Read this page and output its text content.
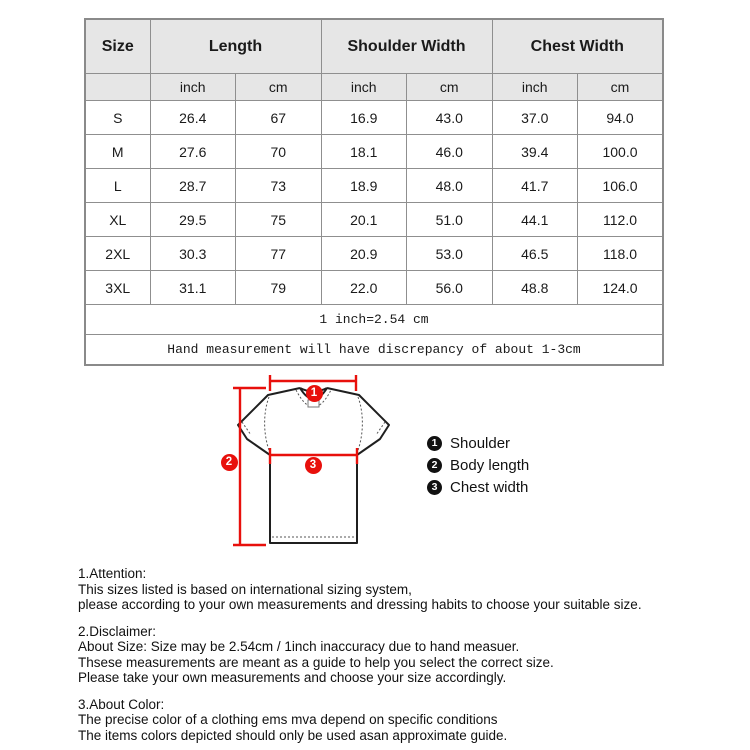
Size	Length		Shoulder Width		Chest Width	
	inch	cm	inch	cm	inch	cm
S	26.4	67	16.9	43.0	37.0	94.0
M	27.6	70	18.1	46.0	39.4	100.0
L	28.7	73	18.9	48.0	41.7	106.0
XL	29.5	75	20.1	51.0	44.1	112.0
2XL	30.3	77	20.9	53.0	46.5	118.0
3XL	31.1	79	22.0	56.0	48.8	124.0
1 inch=2.54 cm						
Hand measurement will have discrepancy of about 1-3cm						
1
2	3
1 Shoulder
2 Body length
3 Chest width
1.Attention:
This sizes listed is based on international sizing system,
please according to your own measurements and dressing habits to choose your suitable size.
2.Disclaimer:
About Size: Size may be 2.54cm / 1inch inaccuracy due to hand measuer.
Thsese measurements are meant as a guide to help you select the correct size.
Please take your own measurements and choose your size accordingly.
3.About Color:
The precise color of a clothing ems mva depend on specific conditions
The items colors depicted should only be used asan approximate guide.
